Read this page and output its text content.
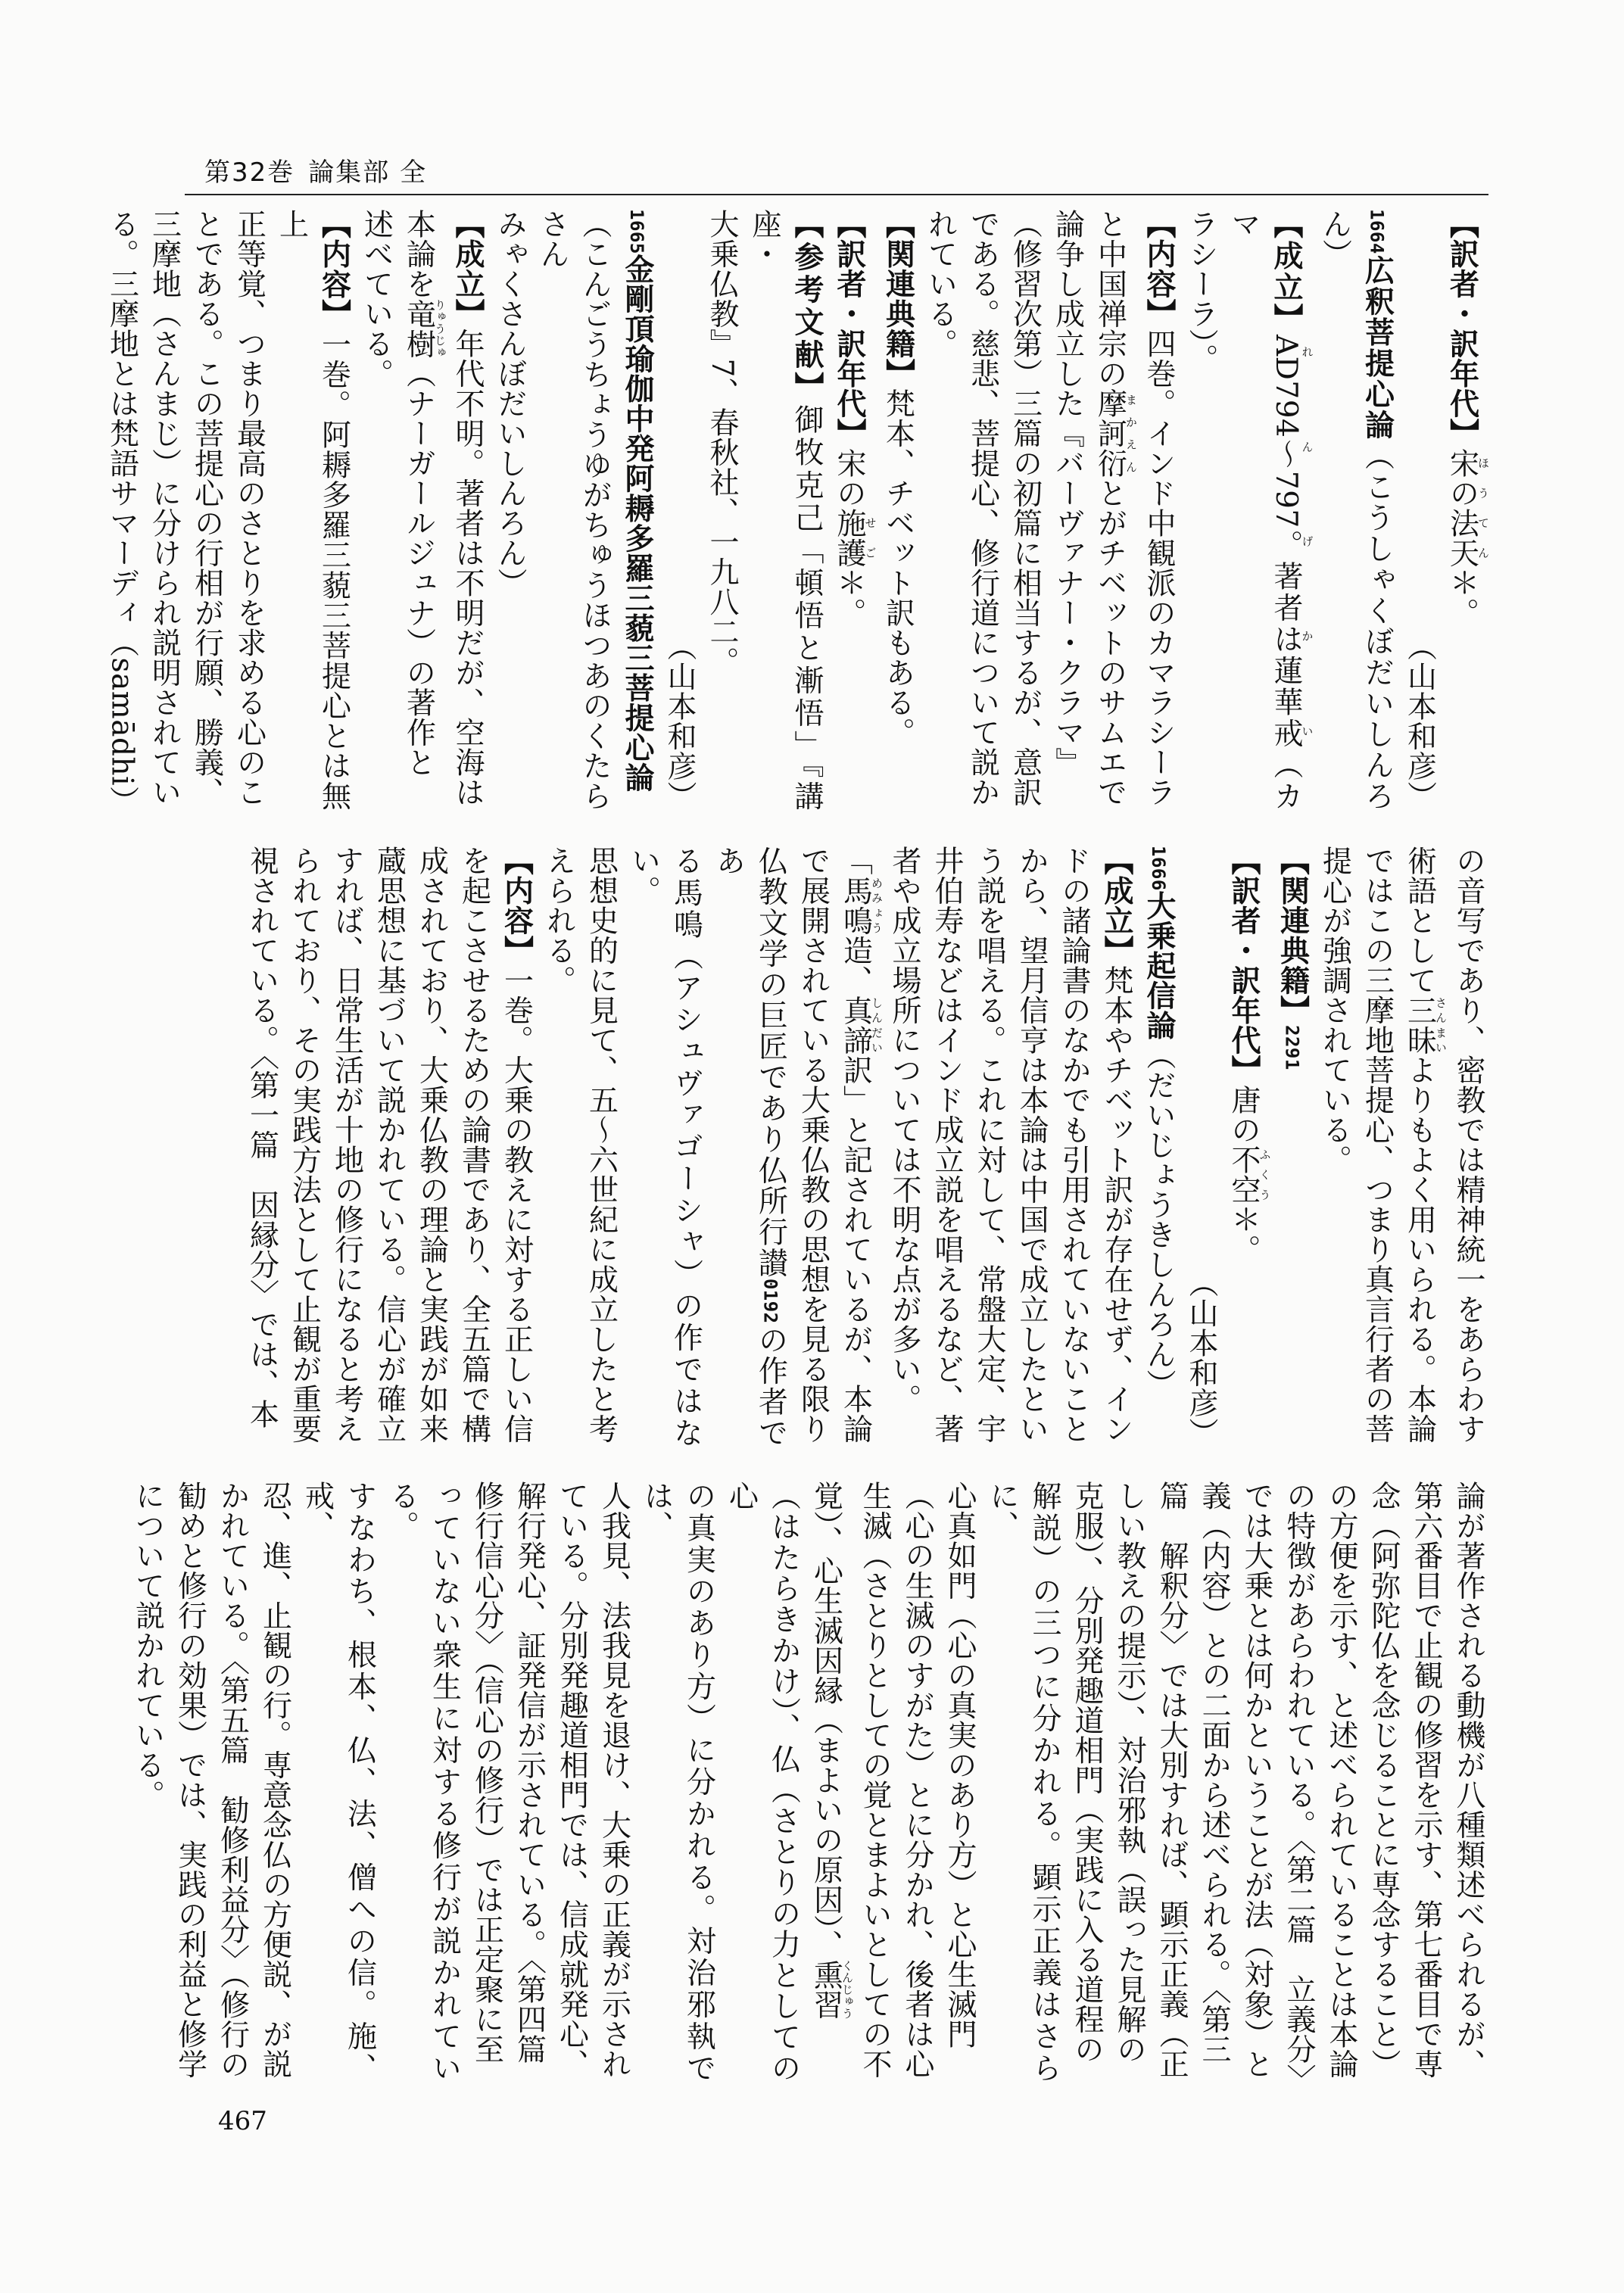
第32巻 論集部 全
【訳者・訳年代】宋の法天ほうてん＊。
（山本和彦）
1664広釈菩提心論（こうしゃくぼだいしんろん）
【成立】AD794～797。著者は蓮華戒れんげかい（カマ
ラシーラ）。
【内容】四巻。インド中観派のカマラシーラ
と中国禅宗の摩訶衍まかえんとがチベットのサムエで
論争し成立した『バーヴァナー・クラマ』
（修習次第）三篇の初篇に相当するが、意訳
である。慈悲、菩提心、修行道について説か
れている。
【関連典籍】梵本、チベット訳もある。
【訳者・訳年代】宋の施護せご＊。
【参考文献】御牧克己「頓悟と漸悟」『講座・
大乗仏教』7、春秋社、一九八二。
（山本和彦）
1665金剛頂瑜伽中発阿耨多羅三藐三菩提心論
（こんごうちょうゆがちゅうほつあのくたらさん
みゃくさんぼだいしんろん）
【成立】年代不明。著者は不明だが、空海は
本論を竜樹りゅうじゅ（ナーガールジュナ）の著作と
述べている。
【内容】一巻。阿耨多羅三藐三菩提心とは無上
正等覚、つまり最高のさとりを求める心のこ
とである。この菩提心の行相が行願、勝義、
三摩地（さんまじ）に分けられ説明されてい
る。三摩地とは梵語サマーディ（samādhi）
の音写であり、密教では精神統一をあらわす
術語として三昧さんまいよりもよく用いられる。本論
ではこの三摩地菩提心、つまり真言行者の菩
提心が強調されている。
【関連典籍】2291
【訳者・訳年代】唐の不空ふくう＊。
（山本和彦）
1666大乗起信論（だいじょうきしんろん）
【成立】梵本やチベット訳が存在せず、イン
ドの諸論書のなかでも引用されていないこと
から、望月信亨は本論は中国で成立したとい
う説を唱える。これに対して、常盤大定、宇
井伯寿などはインド成立説を唱えるなど、著
者や成立場所については不明な点が多い。
「馬鳴めみょう造、真諦しんだい訳」と記されているが、本論
で展開されている大乗仏教の思想を見る限り
仏教文学の巨匠であり仏所行讃0192の作者であ
る馬鳴（アシュヴァゴーシャ）の作ではない。
思想史的に見て、五～六世紀に成立したと考
えられる。
【内容】一巻。大乗の教えに対する正しい信
を起こさせるための論書であり、全五篇で構
成されており、大乗仏教の理論と実践が如来
蔵思想に基づいて説かれている。信心が確立
すれば、日常生活が十地の修行になると考え
られており、その実践方法として止観が重要
視されている。〈第一篇　因縁分〉では、本
論が著作される動機が八種類述べられるが、
第六番目で止観の修習を示す、第七番目で専
念（阿弥陀仏を念じることに専念すること）
の方便を示す、と述べられていることは本論
の特徴があらわれている。〈第二篇　立義分〉
では大乗とは何かということが法（対象）と
義（内容）との二面から述べられる。〈第三
篇　解釈分〉では大別すれば、顕示正義（正
しい教えの提示）、対治邪執（誤った見解の
克服）、分別発趣道相門（実践に入る道程の
解説）の三つに分かれる。顕示正義はさらに、
心真如門（心の真実のあり方）と心生滅門
（心の生滅のすがた）とに分かれ、後者は心
生滅（さとりとしての覚とまよいとしての不
覚）、心生滅因縁（まよいの原因）、熏習くんじゅう
（はたらきかけ）、仏（さとりの力としての心
の真実のあり方）に分かれる。対治邪執では、
人我見、法我見を退け、大乗の正義が示され
ている。分別発趣道相門では、信成就発心、
解行発心、証発信が示されている。〈第四篇
修行信心分〉（信心の修行）では正定聚に至
っていない衆生に対する修行が説かれている。
すなわち、根本、仏、法、僧への信。施、戒、
忍、進、止観の行。専意念仏の方便説、が説
かれている。〈第五篇　勧修利益分〉（修行の
勧めと修行の効果）では、実践の利益と修学
について説かれている。
467
